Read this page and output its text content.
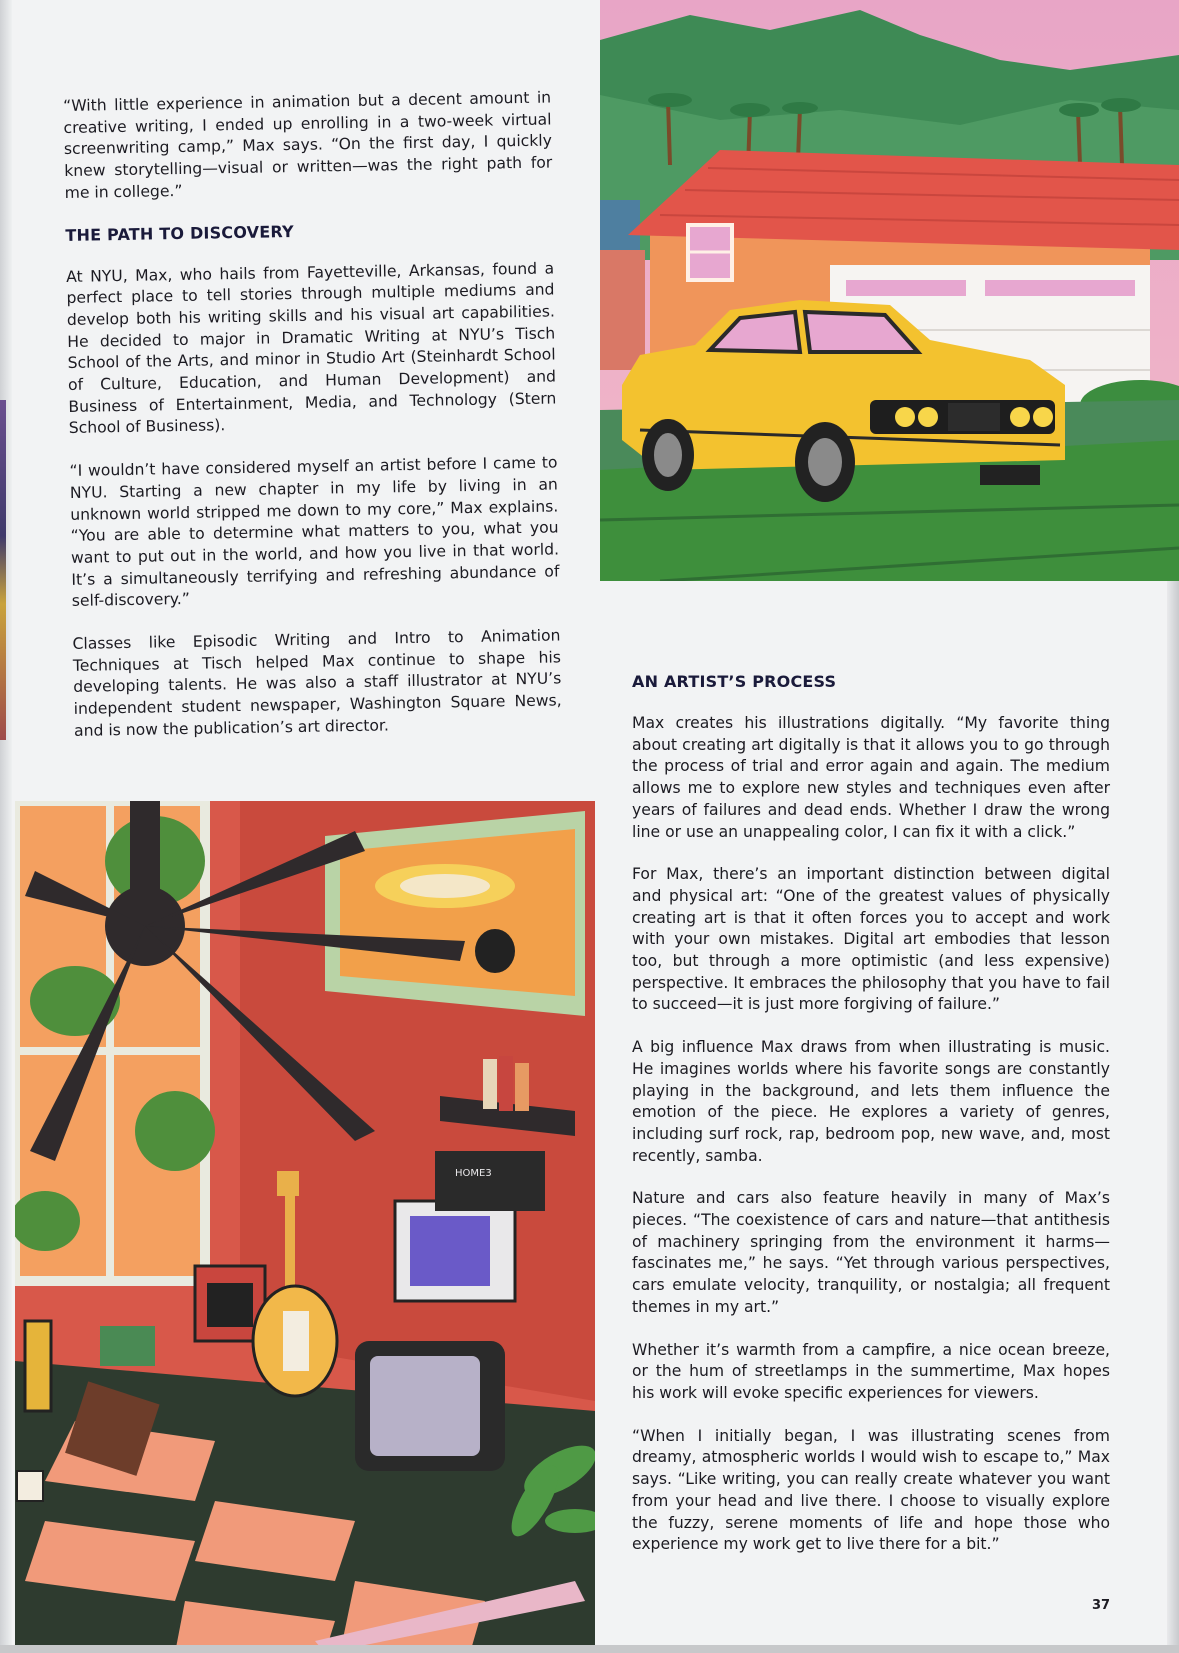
HOME3

“With little experience in animation but a decent amount in creative writing, I ended up enrolling in a two-week virtual screenwriting camp,” Max says. “On the first day, I quickly knew storytelling—visual or written—was the right path for me in college.”

THE PATH TO DISCOVERY

At NYU, Max, who hails from Fayetteville, Arkansas, found a perfect place to tell stories through multiple mediums and develop both his writing skills and his visual art capabilities. He decided to major in Dramatic Writing at NYU’s Tisch School of the Arts, and minor in Studio Art (Steinhardt School of Culture, Education, and Human Development) and Business of Entertainment, Media, and Technology (Stern School of Business).

“I wouldn’t have considered myself an artist before I came to NYU. Starting a new chapter in my life by living in an unknown world stripped me down to my core,” Max explains. “You are able to determine what matters to you, what you want to put out in the world, and how you live in that world. It’s a simultaneously terrifying and refreshing abundance of self-discovery.”

Classes like Episodic Writing and Intro to Animation Techniques at Tisch helped Max continue to shape his developing talents. He was also a staff illustrator at NYU’s independent student newspaper, Washington Square News, and is now the publication’s art director.

AN ARTIST’S PROCESS

Max creates his illustrations digitally. “My favorite thing about creating art digitally is that it allows you to go through the process of trial and error again and again. The medium allows me to explore new styles and techniques even after years of failures and dead ends. Whether I draw the wrong line or use an unappealing color, I can fix it with a click.”

For Max, there’s an important distinction between digital and physical art: “One of the greatest values of physically creating art is that it often forces you to accept and work with your own mistakes. Digital art embodies that lesson too, but through a more optimistic (and less expensive) perspective. It embraces the philosophy that you have to fail to succeed—it is just more forgiving of failure.”

A big influence Max draws from when illustrating is music. He imagines worlds where his favorite songs are constantly playing in the background, and lets them influence the emotion of the piece. He explores a variety of genres, including surf rock, rap, bedroom pop, new wave, and, most recently, samba.

Nature and cars also feature heavily in many of Max’s pieces. “The coexistence of cars and nature—that antithesis of machinery springing from the environment it harms—fascinates me,” he says. “Yet through various perspectives, cars emulate velocity, tranquility, or nostalgia; all frequent themes in my art.”

Whether it’s warmth from a campfire, a nice ocean breeze, or the hum of streetlamps in the summertime, Max hopes his work will evoke specific experiences for viewers.

“When I initially began, I was illustrating scenes from dreamy, atmospheric worlds I would wish to escape to,” Max says. “Like writing, you can really create whatever you want from your head and live there. I choose to visually explore the fuzzy, serene moments of life and hope those who experience my work get to live there for a bit.”

37
